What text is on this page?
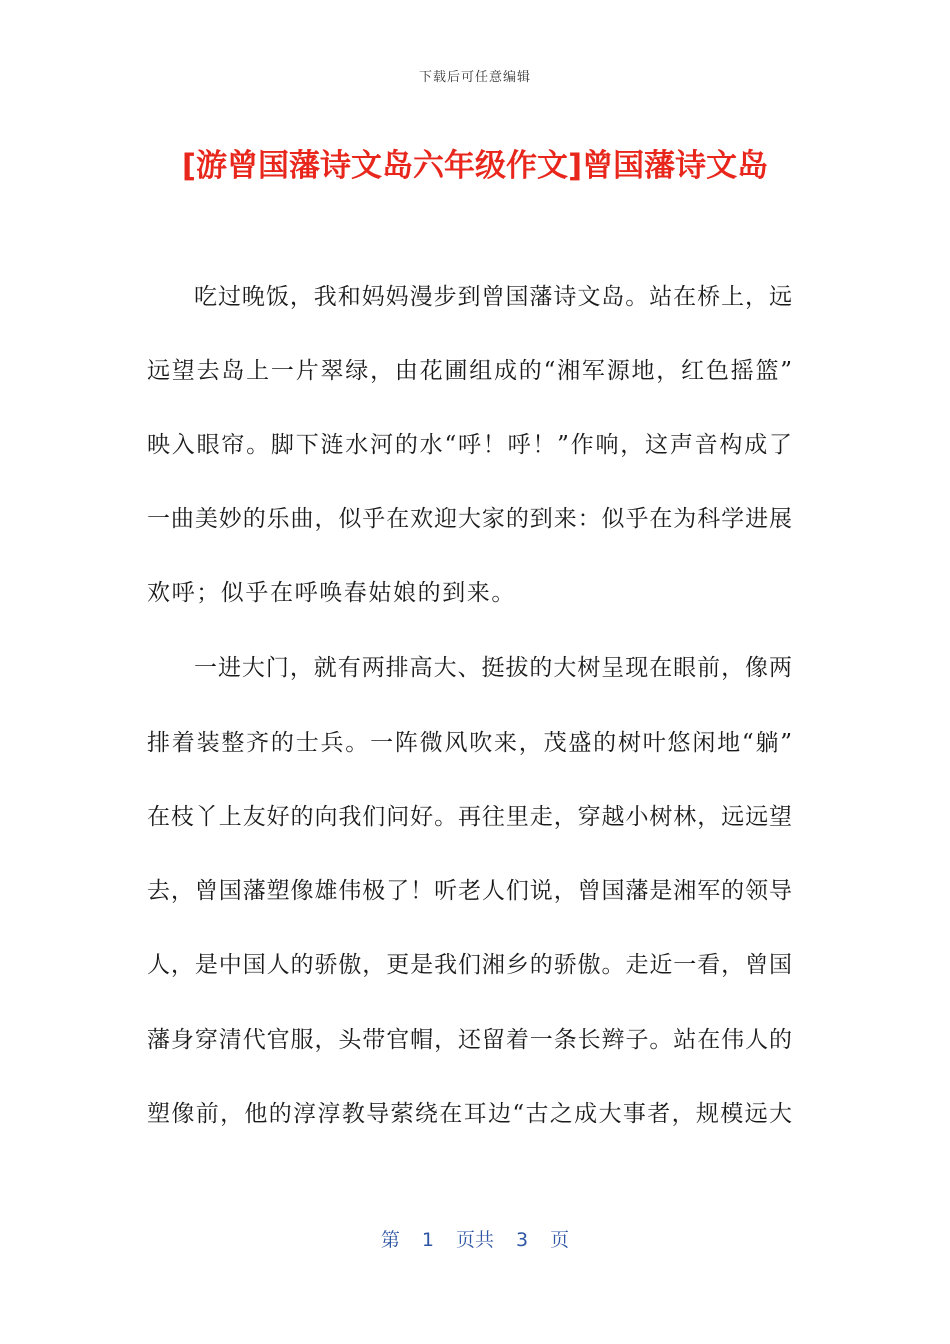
下载后可任意编辑
[游曾国藩诗文岛六年级作文]曾国藩诗文岛
吃过晚饭，我和妈妈漫步到曾国藩诗文岛。站在桥上，远
远望去岛上一片翠绿，由花圃组成的“湘军源地，红色摇篮”
映入眼帘。脚下涟水河的水“呼！呼！”作响，这声音构成了
一曲美妙的乐曲，似乎在欢迎大家的到来：似乎在为科学进展
欢呼；似乎在呼唤春姑娘的到来。
一进大门，就有两排高大、挺拔的大树呈现在眼前，像两
排着装整齐的士兵。一阵微风吹来，茂盛的树叶悠闲地“躺”
在枝丫上友好的向我们问好。再往里走，穿越小树林，远远望
去，曾国藩塑像雄伟极了！听老人们说，曾国藩是湘军的领导
人，是中国人的骄傲，更是我们湘乡的骄傲。走近一看，曾国
藩身穿清代官服，头带官帽，还留着一条长辫子。站在伟人的
塑像前，他的淳淳教导萦绕在耳边“古之成大事者，规模远大
第 1 页共 3 页
